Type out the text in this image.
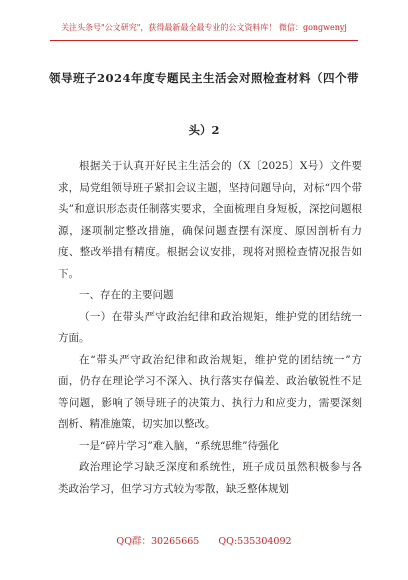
关注头条号"公文研究"，获得最新最全最专业的公文资料库！ 微信：gongwenyj
领导班子2024年度专题民主生活会对照检查材料（四个带
头）2

根据关于认真开好民主生活会的（X〔2025〕X号）文件要求，局党组领导班子紧扣会议主题，坚持问题导向，对标“四个带头”和意识形态责任制落实要求，全面梳理自身短板，深挖问题根源，逐项制定整改措施，确保问题查摆有深度、原因剖析有力度、整改举措有精度。根据会议安排，现将对照检查情况报告如下。

一、存在的主要问题

（一）在带头严守政治纪律和政治规矩，维护党的团结统一方面。

在“带头严守政治纪律和政治规矩，维护党的团结统一”方面，仍存在理论学习不深入、执行落实存偏差、政治敏锐性不足等问题，影响了领导班子的决策力、执行力和应变力，需要深刻剖析、精准施策，切实加以整改。

一是“碎片学习”难入脑，“系统思维”待强化

政治理论学习缺乏深度和系统性，班子成员虽然积极参与各类政治学习，但学习方式较为零散，缺乏整体规划

QQ群：30265665 QQ:535304092
